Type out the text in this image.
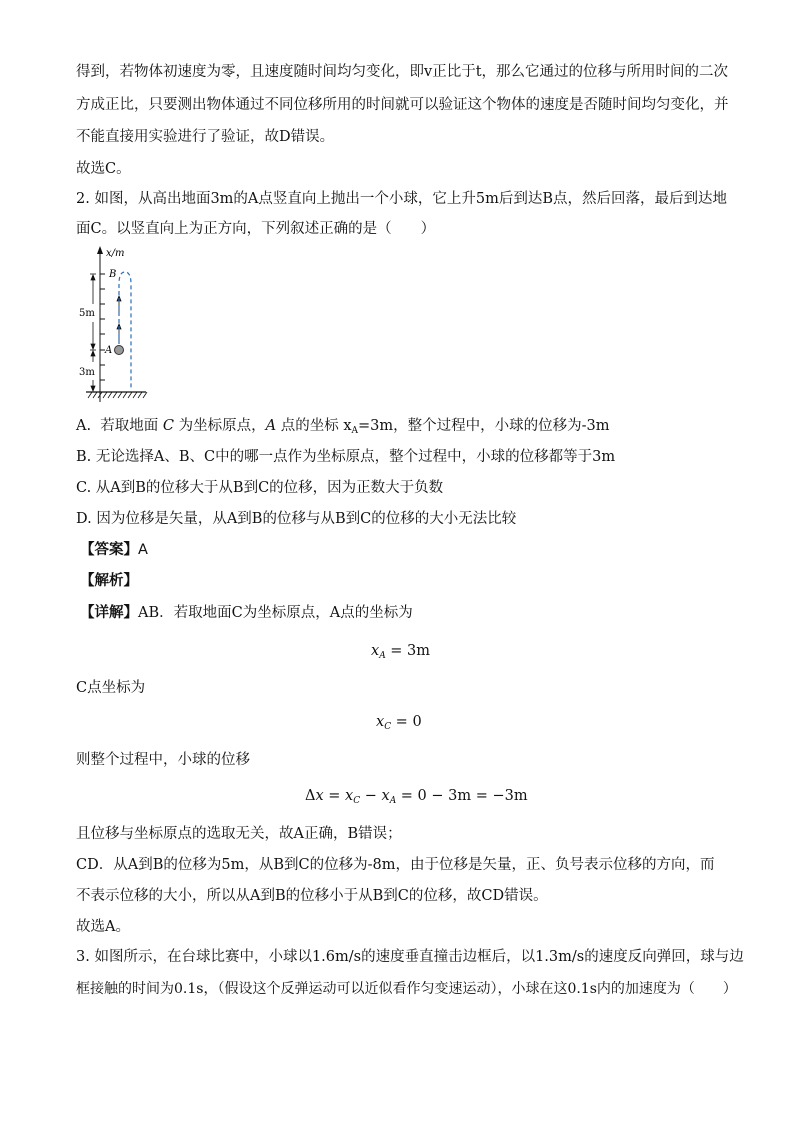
得到，若物体初速度为零，且速度随时间均匀变化，即v正比于t，那么它通过的位移与所用时间的二次
方成正比，只要测出物体通过不同位移所用的时间就可以验证这个物体的速度是否随时间均匀变化，并
不能直接用实验进行了验证，故D错误。
故选C。
2. 如图，从高出地面3m的A点竖直向上抛出一个小球，它上升5m后到达B点，然后回落，最后到达地
面C。以竖直向上为正方向，下列叙述正确的是（　　）
x/m
B
A
5m
3m
A.  若取地面 C 为坐标原点，A 点的坐标 $x_A=3m$，整个过程中，小球的位移为-3m
B. 无论选择A、B、C中的哪一点作为坐标原点，整个过程中，小球的位移都等于3m
C. 从A到B的位移大于从B到C的位移，因为正数大于负数
D. 因为位移是矢量，从A到B的位移与从B到C的位移的大小无法比较
【答案】A
【解析】
【详解】AB．若取地面C为坐标原点，A点的坐标为
$x_A = 3m$
C点坐标为
$x_C = 0$
则整个过程中，小球的位移
$\Delta x = x_C - x_A = 0 - 3m = -3m$
且位移与坐标原点的选取无关，故A正确，B错误；
CD．从A到B的位移为5m，从B到C的位移为-8m，由于位移是矢量，正、负号表示位移的方向，而
不表示位移的大小，所以从A到B的位移小于从B到C的位移，故CD错误。
故选A。
3. 如图所示，在台球比赛中，小球以1.6m/s的速度垂直撞击边框后，以1.3m/s的速度反向弹回，球与边
框接触的时间为0.1s，（假设这个反弹运动可以近似看作匀变速运动），小球在这0.1s内的加速度为（　　）
